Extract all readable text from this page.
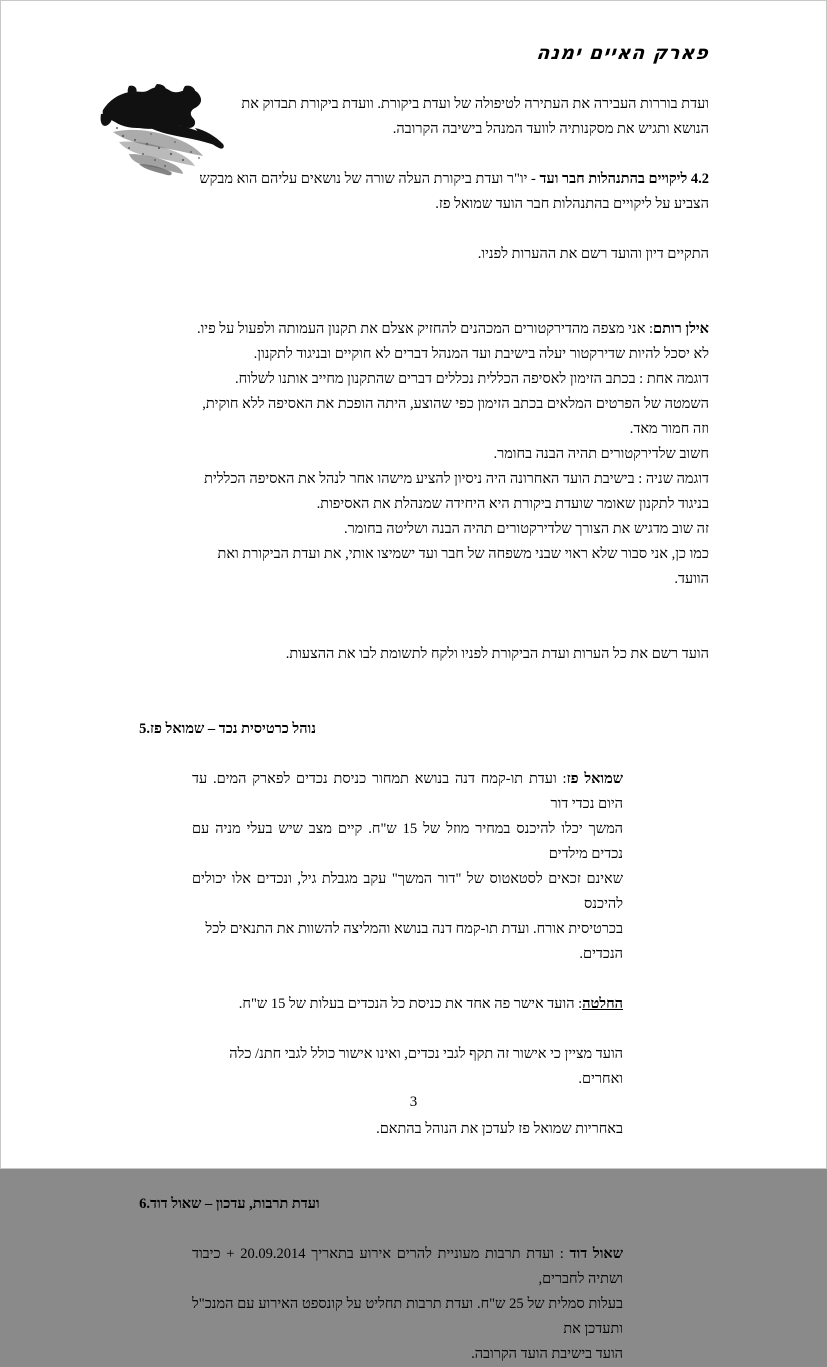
פארק האיים ימנה

ועדת בוררות העבירה את העתירה לטיפולה של ועדת ביקורת. וועדת ביקורת תבדוק את
הנושא ותגיש את מסקנותיה לוועד המנהל בישיבה הקרובה.

4.2 ליקויים בהתנהלות חבר ועד - יו"ר ועדת ביקורת העלה שורה של נושאים עליהם הוא מבקש
הצביע על ליקויים בהתנהלות חבר הועד שמואל פז.

התקיים דיון והועד רשם את ההערות לפניו.

אילן רותם: אני מצפה מהדירקטורים המכהנים להחזיק אצלם את תקנון העמותה ולפעול על פיו.
לא יסכל להיות שדירקטור יעלה בישיבת ועד המנהל דברים לא חוקיים ובניגוד לתקנון.
דוגמה אחת : בכתב הזימון לאסיפה הכללית נכללים דברים שהתקנון מחייב אותנו לשלוח.
השמטה של הפרטים המלאים בכתב הזימון כפי שהוצע, היתה הופכת את האסיפה ללא חוקית,
וזה חמור מאד.
חשוב שלדירקטורים תהיה הבנה בחומר.
דוגמה שניה : בישיבת הועד האחרונה היה ניסיון להציע מישהו אחר לנהל את האסיפה הכללית
בניגוד לתקנון שאומר שועדת ביקורת היא היחידה שמנהלת את האסיפות.
זה שוב מדגיש את הצורך שלדירקטורים תהיה הבנה ושליטה בחומר.
כמו כן, אני סבור שלא ראוי שבני משפחה של חבר ועד ישמיצו אותי, את ועדת הביקורת ואת
הוועד.

הועד רשם את כל הערות ועדת הביקורת לפניו ולקח לתשומת לבו את ההצעות.

.5 נוהל כרטיסית נכד – שמואל פז

שמואל פז: ועדת תו-קמח דנה בנושא תמחור כניסת נכדים לפארק המים. עד היום נכדי דור
המשך יכלו להיכנס במחיר מוזל של 15 ש"ח. קיים מצב שיש בעלי מניה עם נכדים מילדים
שאינם זכאים לסטאטוס של "דור המשך" עקב מגבלת גיל, ונכדים אלו יכולים להיכנס
בכרטיסית אורח. ועדת תו-קמח דנה בנושא והמליצה להשוות את התנאים לכל הנכדים.

החלטה: הועד אישר פה אחד את כניסת כל הנכדים בעלות של 15 ש"ח.

הועד מציין כי אישור זה תקף לגבי נכדים, ואינו אישור כולל לגבי חתנ/ כלה ואחרים.

באחריות שמואל פז לעדכן את הנוהל בהתאם.

.6 ועדת תרבות, עדכון – שאול דוד

שאול דוד : ועדת תרבות מעוניית להרים אירוע בתאריך 20.09.2014 + כיבוד ושתיה לחברים,
בעלות סמלית של 25 ש"ח. ועדת תרבות תחליט על קונספט האירוע עם המנכ"ל ותעדכן את
הועד בישיבת הועד הקרובה.

3
